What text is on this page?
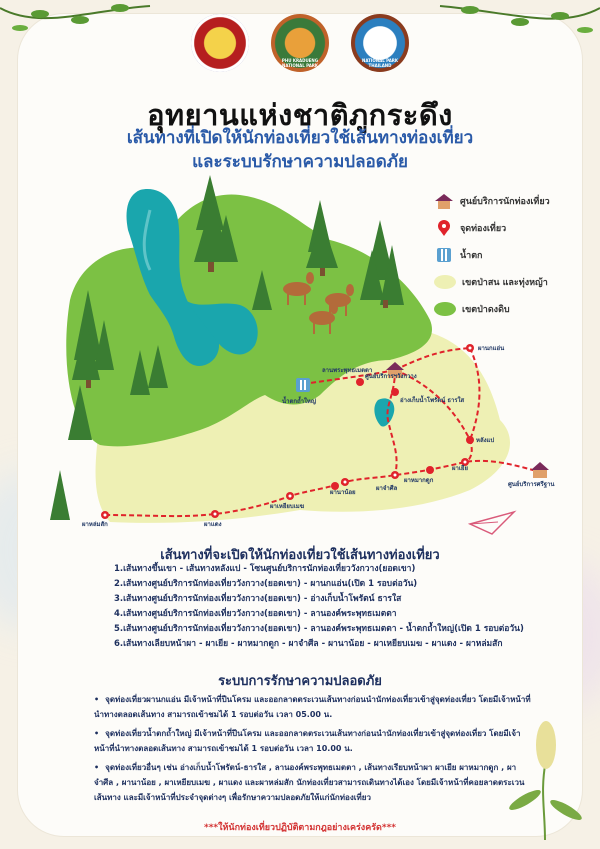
PHU KRADUENG NATIONAL PARK
NATIONAL PARK THAILAND
อุทยานแห่งชาติภูกระดึง
เส้นทางที่เปิดให้นักท่องเที่ยวใช้เส้นทางท่องเที่ยว
และระบบรักษาความปลอดภัย
ผานกแอ่น
ศูนย์บริการฯวังกวาง
ลานพระพุทธเมตตา
น้ำตกถ้ำใหญ่	อ่างเก็บน้ำโพรัตน์ ธารใส
หลังแป
ผาเยีย
ศูนย์บริการศรีฐาน
ผาหมากดูก
ผาจำศีล
ผานาน้อย
ผาเหยียบเมฆ
ผาแดง
ผาหล่มสัก
ศูนย์บริการนักท่องเที่ยว
จุดท่องเที่ยว
น้ำตก
เขตป่าสน และทุ่งหญ้า
เขตป่าดงดิบ
เส้นทางที่จะเปิดให้นักท่องเที่ยวใช้เส้นทางท่องเที่ยว
1.เส้นทางขึ้นเขา - เส้นทางหลังแป - โซนศูนย์บริการนักท่องเที่ยววังกวาง(ยอดเขา)
2.เส้นทางศูนย์บริการนักท่องเที่ยววังกวาง(ยอดเขา) - ผานกแอ่น(เปิด 1 รอบต่อวัน)
3.เส้นทางศูนย์บริการนักท่องเที่ยววังกวาง(ยอดเขา) - อ่างเก็บน้ำโพรัตน์ ธารใส
4.เส้นทางศูนย์บริการนักท่องเที่ยววังกวาง(ยอดเขา) - ลานองค์พระพุทธเมตตา
5.เส้นทางศูนย์บริการนักท่องเที่ยววังกวาง(ยอดเขา) - ลานองค์พระพุทธเมตตา - น้ำตกถ้ำใหญ่(เปิด 1 รอบต่อวัน)
6.เส้นทางเลียบหน้าผา - ผาเยีย - ผาหมากดูก - ผาจำศีล - ผานาน้อย - ผาเหยียบเมฆ - ผาแดง - ผาหล่มสัก
ระบบการรักษาความปลอดภัย

• จุดท่องเที่ยวผานกแอ่น มีเจ้าหน้าที่ปีนโครม และออกลาดตระเวนเส้นทางก่อนนำนักท่องเที่ยวเข้าสู่จุดท่องเที่ยว โดยมีเจ้าหน้าที่นำทางตลอดเส้นทาง สามารถเข้าชมได้ 1 รอบต่อวัน เวลา 05.00 น.

• จุดท่องเที่ยวน้ำตกถ้ำใหญ่ มีเจ้าหน้าที่ปีนโครม และออกลาดตระเวนเส้นทางก่อนนำนักท่องเที่ยวเข้าสู่จุดท่องเที่ยว โดยมีเจ้าหน้าที่นำทางตลอดเส้นทาง สามารถเข้าชมได้ 1 รอบต่อวัน เวลา 10.00 น.

• จุดท่องเที่ยวอื่นๆ เช่น อ่างเก็บน้ำโพรัตน์-ธารใส , ลานองค์พระพุทธเมตตา , เส้นทางเรียบหน้าผา ผาเยีย ผาหมากดูก , ผาจำศีล , ผานาน้อย , ผาเหยียบเมฆ , ผาแดง และผาหล่มสัก นักท่องเที่ยวสามารถเดินทางได้เอง โดยมีเจ้าหน้าที่คอยลาดตระเวนเส้นทาง และมีเจ้าหน้าที่ประจำจุดต่างๆ เพื่อรักษาความปลอดภัยให้แก่นักท่องเที่ยว

***ให้นักท่องเที่ยวปฏิบัติตามกฎอย่างเคร่งครัด***
